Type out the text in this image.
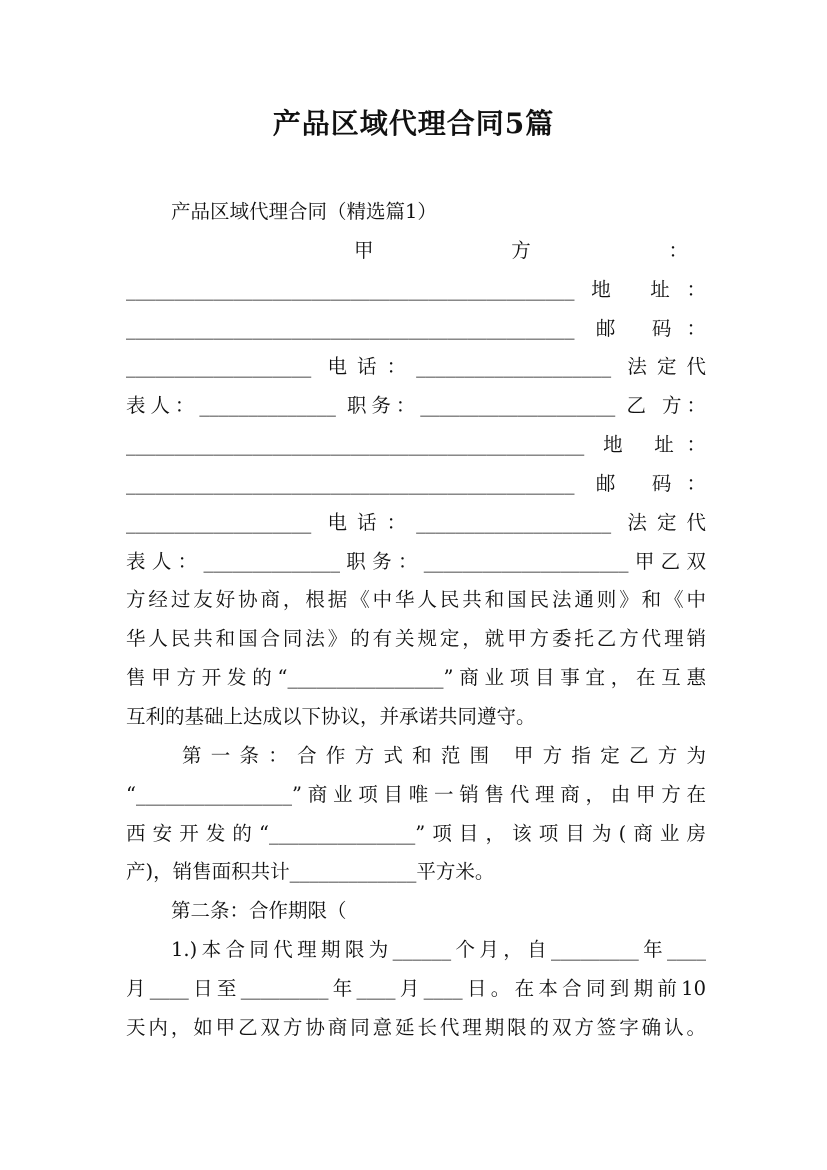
产品区域代理合同5篇
产品区域代理合同（精选篇1）
甲 方 ：
______________________________________________地 址：
______________________________________________ 邮 码：
___________________ 电话：____________________ 法定代
表人：______________ 职务：____________________ 乙 方：
_______________________________________________ 地 址：
______________________________________________ 邮 码：
___________________ 电话：____________________ 法定代
表人：______________职务：_____________________甲乙双
方经过友好协商，根据《中华人民共和国民法通则》和《中
华人民共和国合同法》的有关规定，就甲方委托乙方代理销
售甲方开发的“________________”商业项目事宜，在互惠
互利的基础上达成以下协议，并承诺共同遵守。
第一条：合作方式和范围 甲方指定乙方为
“________________”商业项目唯一销售代理商，由甲方在
西安开发的“_______________”项目，该项目为(商业房
产)，销售面积共计_____________平方米。
第二条：合作期限（
1.)本合同代理期限为______个月，自_________年____
月____日至_________年____月____日。在本合同到期前10
天内，如甲乙双方协商同意延长代理期限的双方签字确认。
